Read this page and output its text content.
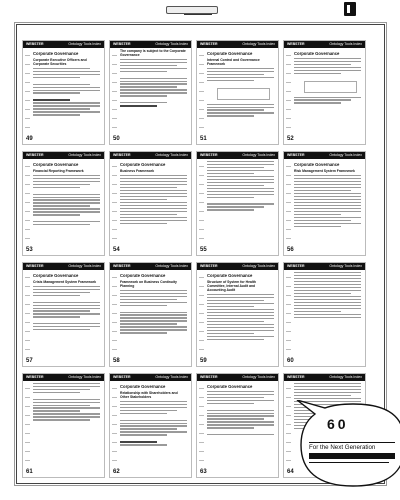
WEBSTER	Ontology Tools Index
Corporate Governance
Corporate Executive Officers and Corporate Securities
49
WEBSTER	Ontology Tools Index
The company is subject to the Corporate Governance
50
WEBSTER	Ontology Tools Index
Corporate Governance
Internal Control and Governance Framework
51
WEBSTER	Ontology Tools Index
Corporate Governance
52
WEBSTER	Ontology Tools Index
Corporate Governance
Financial Reporting Framework
53
WEBSTER	Ontology Tools Index
Corporate Governance
Business Framework
54
WEBSTER	Ontology Tools Index
55
WEBSTER	Ontology Tools Index
Corporate Governance
Risk Management System Framework
56
WEBSTER	Ontology Tools Index
Corporate Governance
Crisis Management System Framework
57
WEBSTER	Ontology Tools Index
Corporate Governance
Framework on Business Continuity Planning
58
WEBSTER	Ontology Tools Index
Corporate Governance
Structure of System for Health Committee, Internal Audit and Accounting Audit
59
WEBSTER	Ontology Tools Index
60
WEBSTER	Ontology Tools Index
61
WEBSTER	Ontology Tools Index
Corporate Governance
Relationship with Shareholders and Other Stakeholders
62
WEBSTER	Ontology Tools Index
Corporate Governance
63
WEBSTER	Ontology Tools Index
64
60
For the Next Generation
